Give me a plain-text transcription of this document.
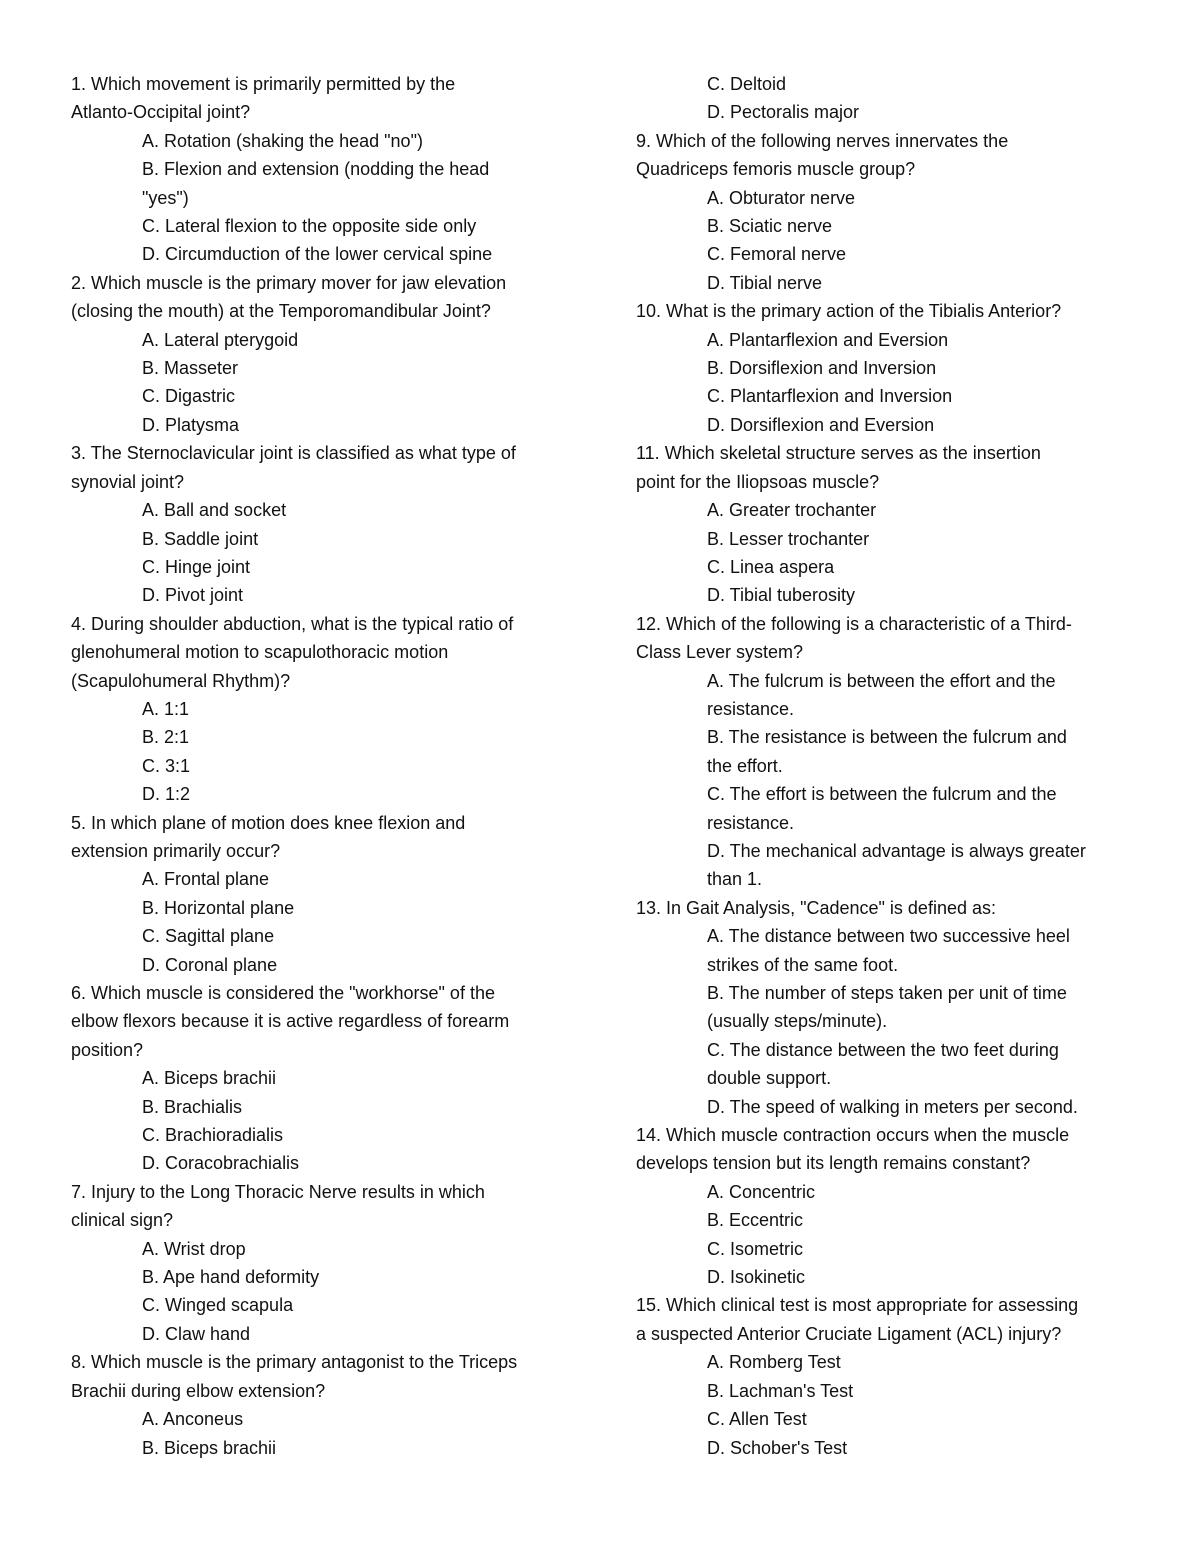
1. Which movement is primarily permitted by the
Atlanto-Occipital joint?
A. Rotation (shaking the head "no")
B. Flexion and extension (nodding the head
"yes")
C. Lateral flexion to the opposite side only
D. Circumduction of the lower cervical spine
2. Which muscle is the primary mover for jaw elevation
(closing the mouth) at the Temporomandibular Joint?
A. Lateral pterygoid
B. Masseter
C. Digastric
D. Platysma
3. The Sternoclavicular joint is classified as what type of
synovial joint?
A. Ball and socket
B. Saddle joint
C. Hinge joint
D. Pivot joint
4. During shoulder abduction, what is the typical ratio of
glenohumeral motion to scapulothoracic motion
(Scapulohumeral Rhythm)?
A. 1:1
B. 2:1
C. 3:1
D. 1:2
5. In which plane of motion does knee flexion and
extension primarily occur?
A. Frontal plane
B. Horizontal plane
C. Sagittal plane
D. Coronal plane
6. Which muscle is considered the "workhorse" of the
elbow flexors because it is active regardless of forearm
position?
A. Biceps brachii
B. Brachialis
C. Brachioradialis
D. Coracobrachialis
7. Injury to the Long Thoracic Nerve results in which
clinical sign?
A. Wrist drop
B. Ape hand deformity
C. Winged scapula
D. Claw hand
8. Which muscle is the primary antagonist to the Triceps
Brachii during elbow extension?
A. Anconeus
B. Biceps brachii
C. Deltoid
D. Pectoralis major
9. Which of the following nerves innervates the
Quadriceps femoris muscle group?
A. Obturator nerve
B. Sciatic nerve
C. Femoral nerve
D. Tibial nerve
10. What is the primary action of the Tibialis Anterior?
A. Plantarflexion and Eversion
B. Dorsiflexion and Inversion
C. Plantarflexion and Inversion
D. Dorsiflexion and Eversion
11. Which skeletal structure serves as the insertion
point for the Iliopsoas muscle?
A. Greater trochanter
B. Lesser trochanter
C. Linea aspera
D. Tibial tuberosity
12. Which of the following is a characteristic of a Third-
Class Lever system?
A. The fulcrum is between the effort and the
resistance.
B. The resistance is between the fulcrum and
the effort.
C. The effort is between the fulcrum and the
resistance.
D. The mechanical advantage is always greater
than 1.
13. In Gait Analysis, "Cadence" is defined as:
A. The distance between two successive heel
strikes of the same foot.
B. The number of steps taken per unit of time
(usually steps/minute).
C. The distance between the two feet during
double support.
D. The speed of walking in meters per second.
14. Which muscle contraction occurs when the muscle
develops tension but its length remains constant?
A. Concentric
B. Eccentric
C. Isometric
D. Isokinetic
15. Which clinical test is most appropriate for assessing
a suspected Anterior Cruciate Ligament (ACL) injury?
A. Romberg Test
B. Lachman's Test
C. Allen Test
D. Schober's Test
